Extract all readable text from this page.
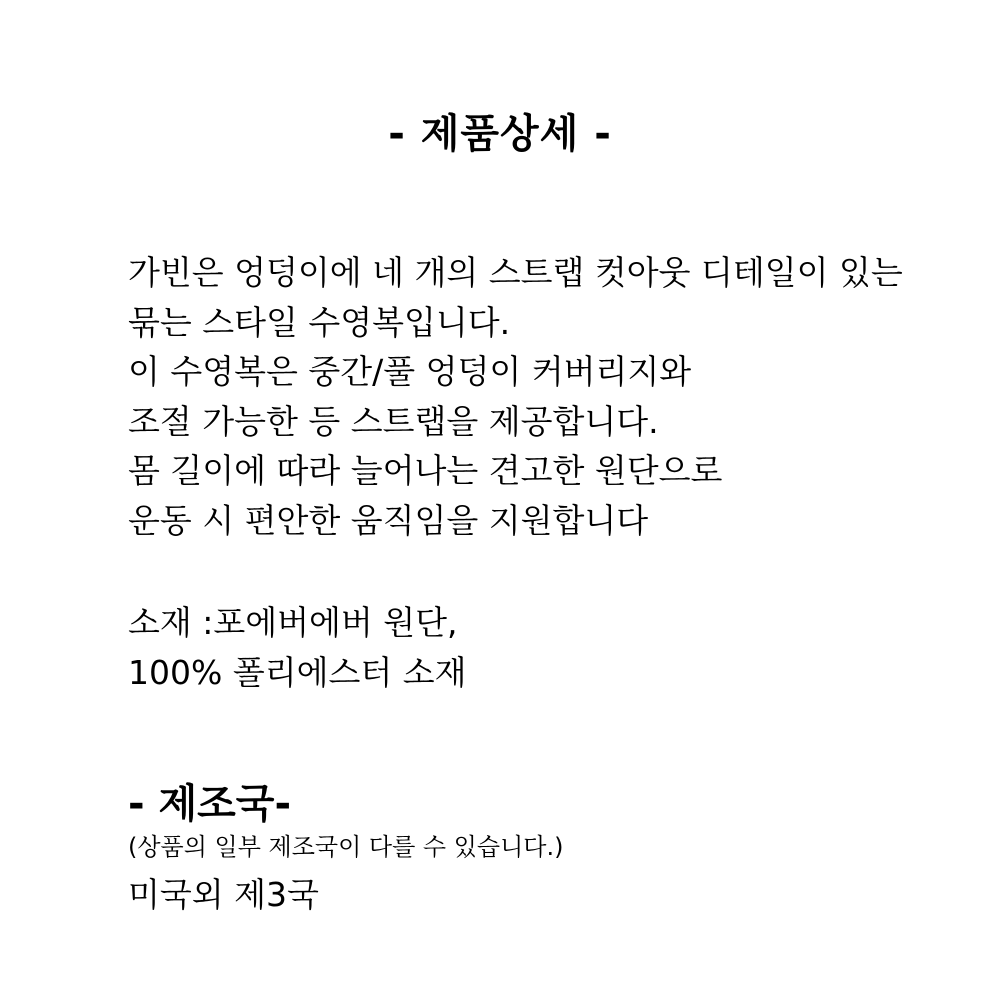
- 제품상세 -
가빈은 엉덩이에 네 개의 스트랩 컷아웃 디테일이 있는
묶는 스타일 수영복입니다.
이 수영복은 중간/풀 엉덩이 커버리지와
조절 가능한 등 스트랩을 제공합니다.
몸 길이에 따라 늘어나는 견고한 원단으로
운동 시 편안한 움직임을 지원합니다
소재 :포에버에버 원단,
100% 폴리에스터 소재
- 제조국-
(상품의 일부 제조국이 다를 수 있습니다.)
미국외 제3국
